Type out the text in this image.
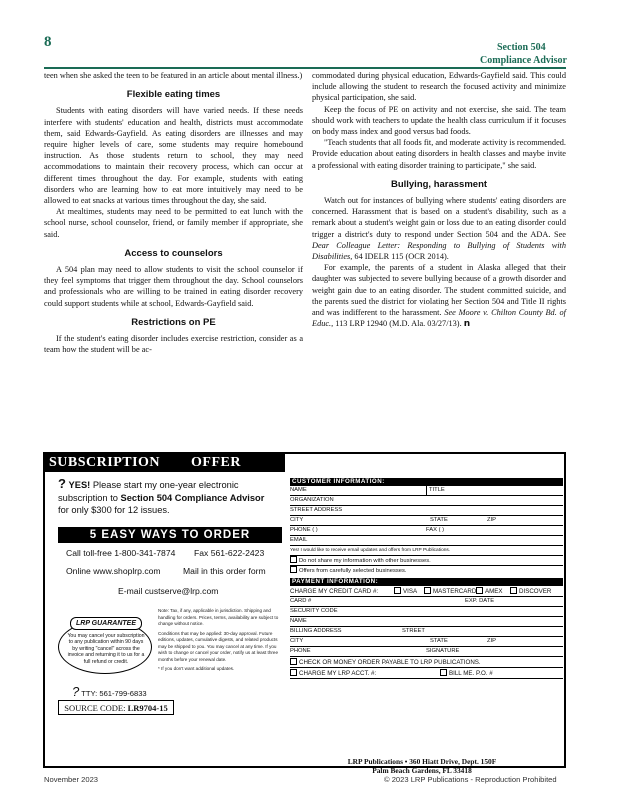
8	Section 504
Compliance Advisor

teen when she asked the teen to be featured in an article about mental illness.)

Flexible eating times

Students with eating disorders will have varied needs. If these needs interfere with students' education and health, districts must accommodate them, said Edwards-Gayfield. As eating disorders are illnesses and may require higher levels of care, some students may require homebound instruction. As those students return to school, they may need accommodations to maintain their recovery process, which can occur at different times throughout the day. For example, students with eating disorders who are learning how to eat more intuitively may need to be allowed to eat snacks at various times throughout the day, she said.

At mealtimes, students may need to be permitted to eat lunch with the school nurse, school counselor, friend, or family member if appropriate, she said.

Access to counselors

A 504 plan may need to allow students to visit the school counselor if they feel symptoms that trigger them throughout the day. School counselors and professionals who are willing to be trained in eating disorder recovery could support students while at school, Edwards-Gayfield said.

Restrictions on PE

If the student's eating disorder includes exercise restriction, consider as a team how the student will be ac-

commodated during physical education, Edwards-Gayfield said. This could include allowing the student to research the focused activity and minimize physical participation, she said.

Keep the focus of PE on activity and not exercise, she said. The team should work with teachers to update the health class curriculum if it focuses on body mass index and good versus bad foods.

"Teach students that all foods fit, and moderate activity is recommended. Provide education about eating disorders in health classes and maybe invite a professional with eating disorder training to participate," she said.

Bullying, harassment

Watch out for instances of bullying where students' eating disorders are concerned. Harassment that is based on a student's disability, such as a remark about a student's weight gain or loss due to an eating disorder could trigger a district's duty to respond under Section 504 and the ADA. See Dear Colleague Letter: Responding to Bullying of Students with Disabilities, 64 IDELR 115 (OCR 2014).

For example, the parents of a student in Alaska alleged that their daughter was subjected to severe bullying because of a growth disorder and weight gain due to an eating disorder. The student committed suicide, and the parents sued the district for violating her Section 504 and Title II rights and was indifferent to the harassment. See Moore v. Chilton County Bd. of Educ., 113 LRP 12940 (M.D. Ala. 03/27/13). n

SUBSCRIPTION OFFER
? YES! Please start my one-year electronic subscription to Section 504 Compliance Advisor
for only $300 for 12 issues.
5 EASY WAYS TO ORDER
Call toll-free 1-800-341-7874 Fax 561-622-2423
Online www.shoplrp.com	Mail in this order form
E-mail custserve@lrp.com
LRP GUARANTEE
You may cancel your subscription to any publication within 90 days by writing "cancel" across the invoice and returning it to us for a full refund or credit.
Note: Tax, if any, applicable in jurisdiction. Shipping and handling for orders. Prices, terms, availability are subject to change without notice.
Conditions that may be applied: 30-day approval. Future editions, updates, cumulative digests, and related products may be shipped to you. You may cancel at any time. If you wish to change or cancel your order, notify us at least three months before your renewal date.
* If you don't want additional updates.
? TTY: 561-799-6833
SOURCE CODE: LR9704-15
CUSTOMER INFORMATION:
NAME	TITLE
ORGANIZATION
STREET ADDRESS
CITY	STATE	ZIP
PHONE ( )	FAX ( )
EMAIL
Yes! I would like to receive email updates and offers from LRP Publications.
Do not share my information with other businesses.
Offers from carefully selected businesses.
PAYMENT INFORMATION:
CHARGE MY CREDIT CARD #:	VISA	MASTERCARD	AMEX	DISCOVER
CARD #	EXP. DATE
SECURITY CODE
NAME
BILLING ADDRESS	STREET
CITY	STATE	ZIP
PHONE	SIGNATURE
CHECK OR MONEY ORDER PAYABLE TO LRP PUBLICATIONS.
CHARGE MY LRP ACCT. #:	BILL ME. P.O. #
LRP Publications • 360 Hiatt Drive, Dept. 150F
Palm Beach Gardens, FL 33418
November 2023	© 2023 LRP Publications - Reproduction Prohibited
